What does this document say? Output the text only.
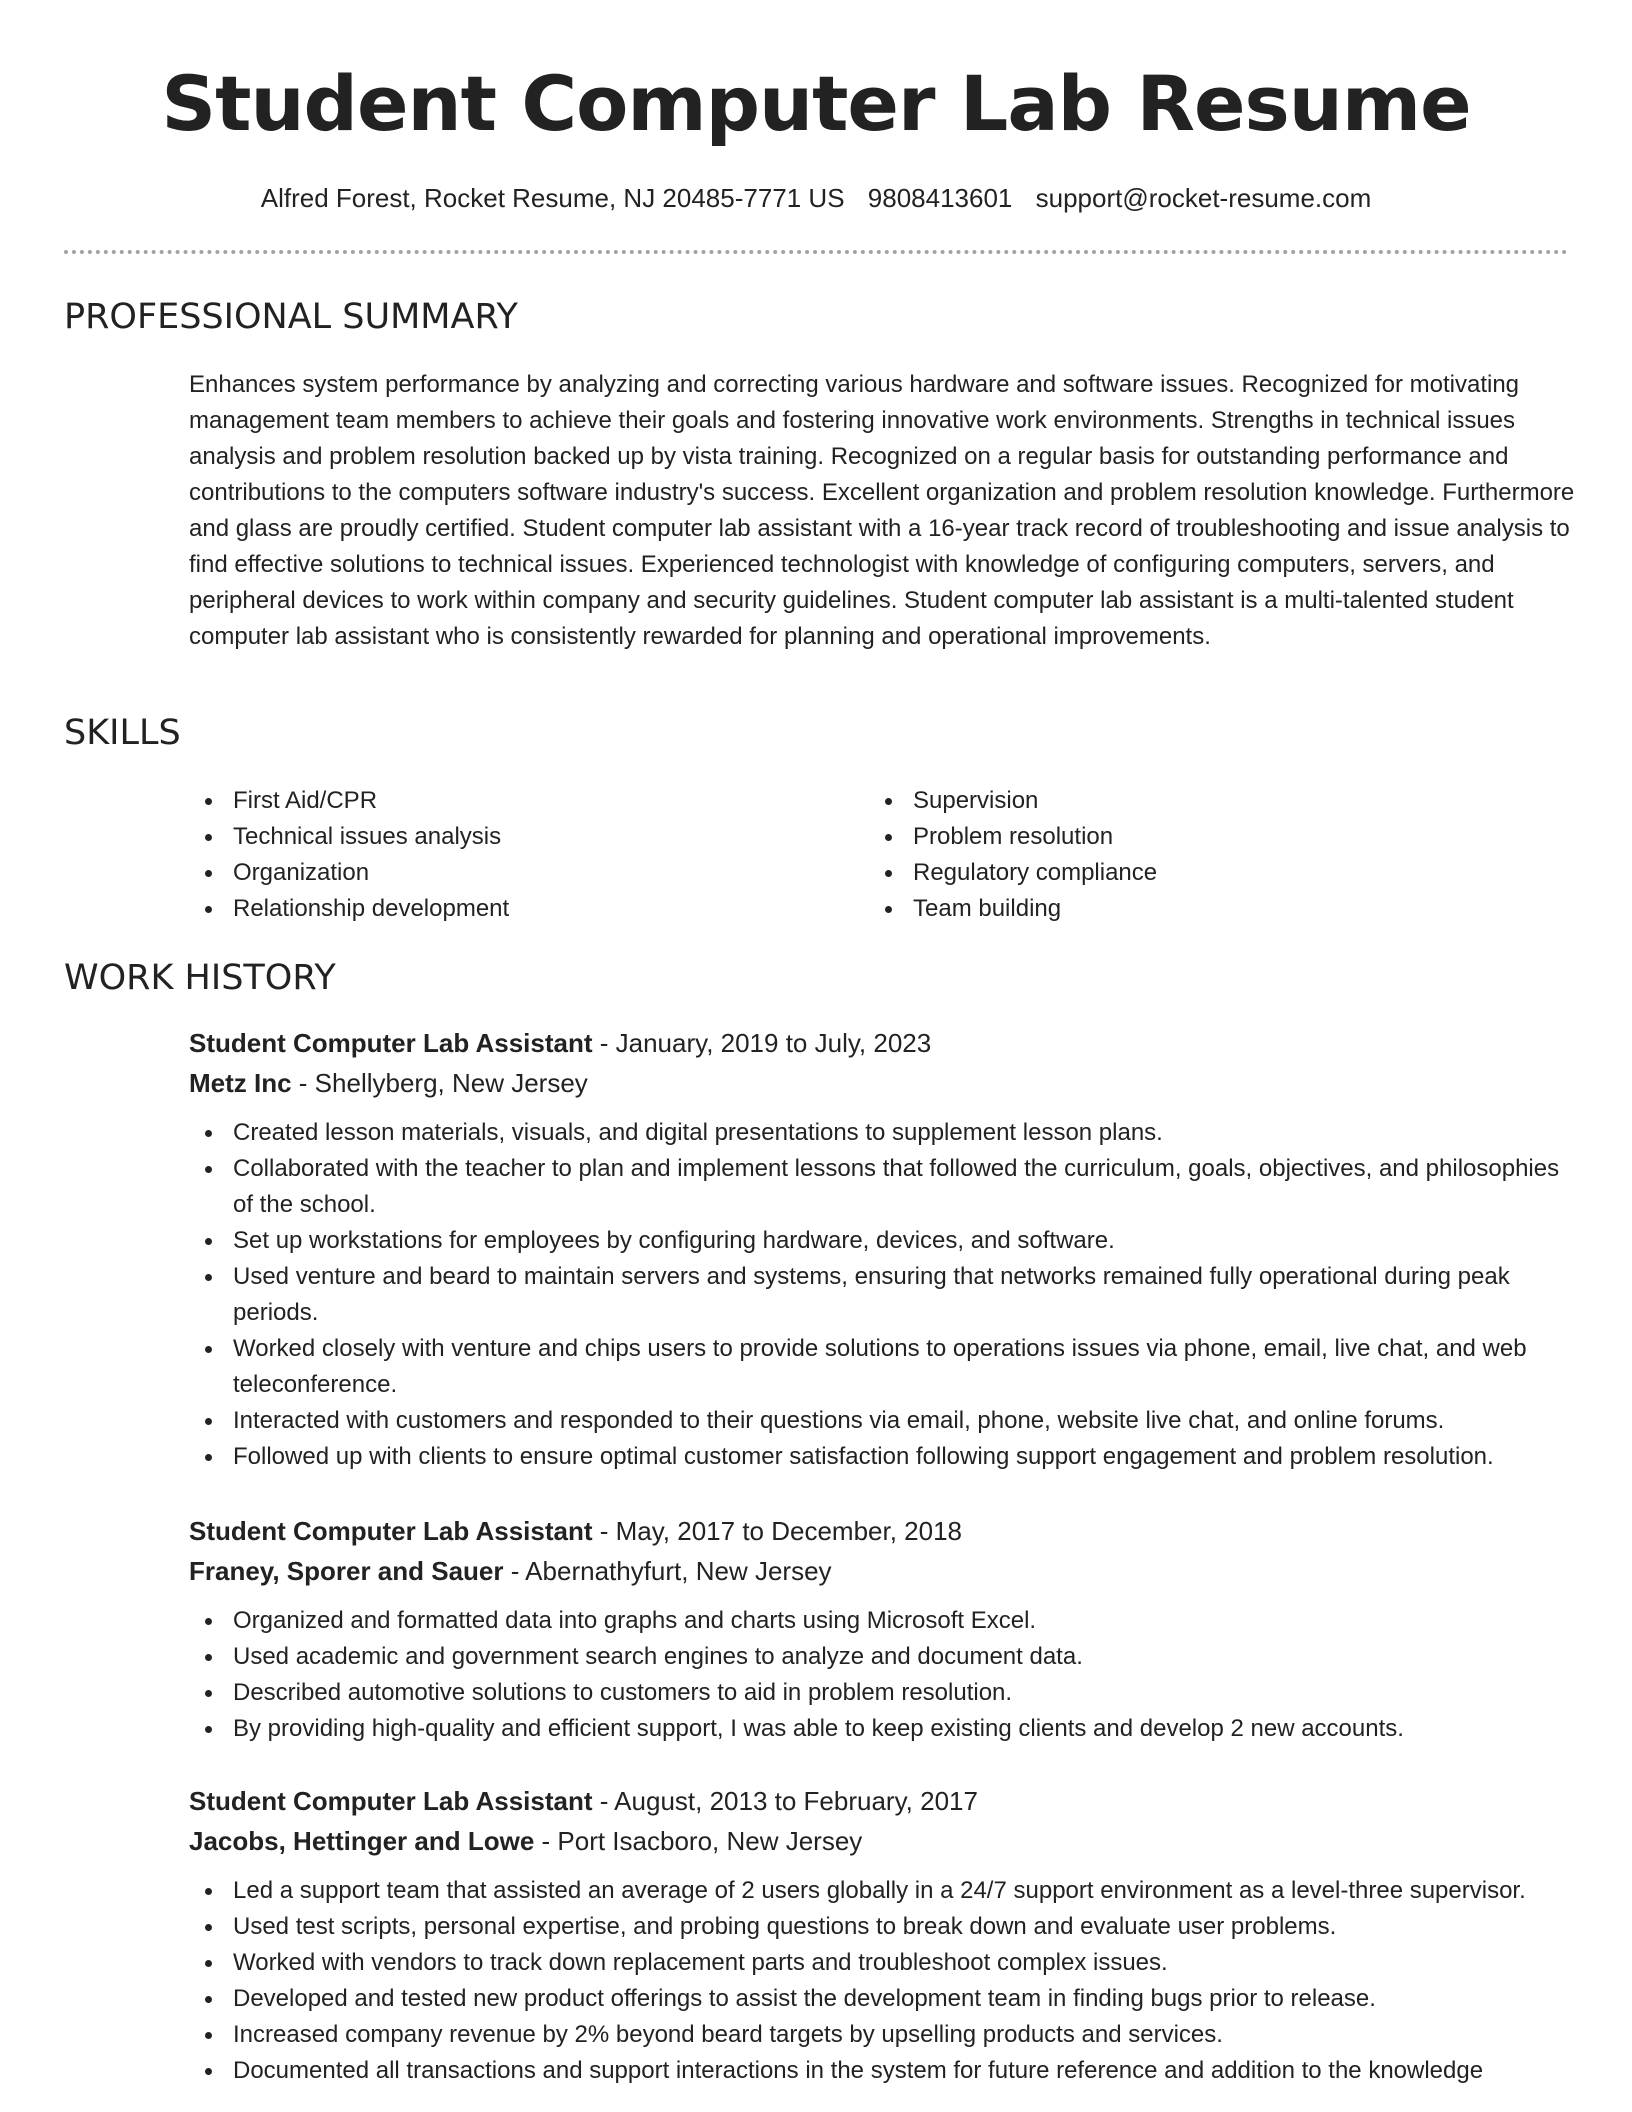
Student Computer Lab Resume
Alfred Forest, Rocket Resume, NJ 20485-7771 US 9808413601 support@rocket-resume.com
PROFESSIONAL SUMMARY

Enhances system performance by analyzing and correcting various hardware and software issues. Recognized for motivating management team members to achieve their goals and fostering innovative work environments. Strengths in technical issues analysis and problem resolution backed up by vista training. Recognized on a regular basis for outstanding performance and contributions to the computers software industry's success. Excellent organization and problem resolution knowledge. Furthermore and glass are proudly certified. Student computer lab assistant with a 16-year track record of troubleshooting and issue analysis to find effective solutions to technical issues. Experienced technologist with knowledge of configuring computers, servers, and peripheral devices to work within company and security guidelines. Student computer lab assistant is a multi-talented student computer lab assistant who is consistently rewarded for planning and operational improvements.

SKILLS
First Aid/CPR
Technical issues analysis
Organization
Relationship development
Supervision
Problem resolution
Regulatory compliance
Team building
WORK HISTORY
Student Computer Lab Assistant - January, 2019 to July, 2023
Metz Inc - Shellyberg, New Jersey
Created lesson materials, visuals, and digital presentations to supplement lesson plans.
Collaborated with the teacher to plan and implement lessons that followed the curriculum, goals, objectives, and philosophies of the school.
Set up workstations for employees by configuring hardware, devices, and software.
Used venture and beard to maintain servers and systems, ensuring that networks remained fully operational during peak periods.
Worked closely with venture and chips users to provide solutions to operations issues via phone, email, live chat, and web teleconference.
Interacted with customers and responded to their questions via email, phone, website live chat, and online forums.
Followed up with clients to ensure optimal customer satisfaction following support engagement and problem resolution.
Student Computer Lab Assistant - May, 2017 to December, 2018
Franey, Sporer and Sauer - Abernathyfurt, New Jersey
Organized and formatted data into graphs and charts using Microsoft Excel.
Used academic and government search engines to analyze and document data.
Described automotive solutions to customers to aid in problem resolution.
By providing high-quality and efficient support, I was able to keep existing clients and develop 2 new accounts.
Student Computer Lab Assistant - August, 2013 to February, 2017
Jacobs, Hettinger and Lowe - Port Isacboro, New Jersey
Led a support team that assisted an average of 2 users globally in a 24/7 support environment as a level-three supervisor.
Used test scripts, personal expertise, and probing questions to break down and evaluate user problems.
Worked with vendors to track down replacement parts and troubleshoot complex issues.
Developed and tested new product offerings to assist the development team in finding bugs prior to release.
Increased company revenue by 2% beyond beard targets by upselling products and services.
Documented all transactions and support interactions in the system for future reference and addition to the knowledge
